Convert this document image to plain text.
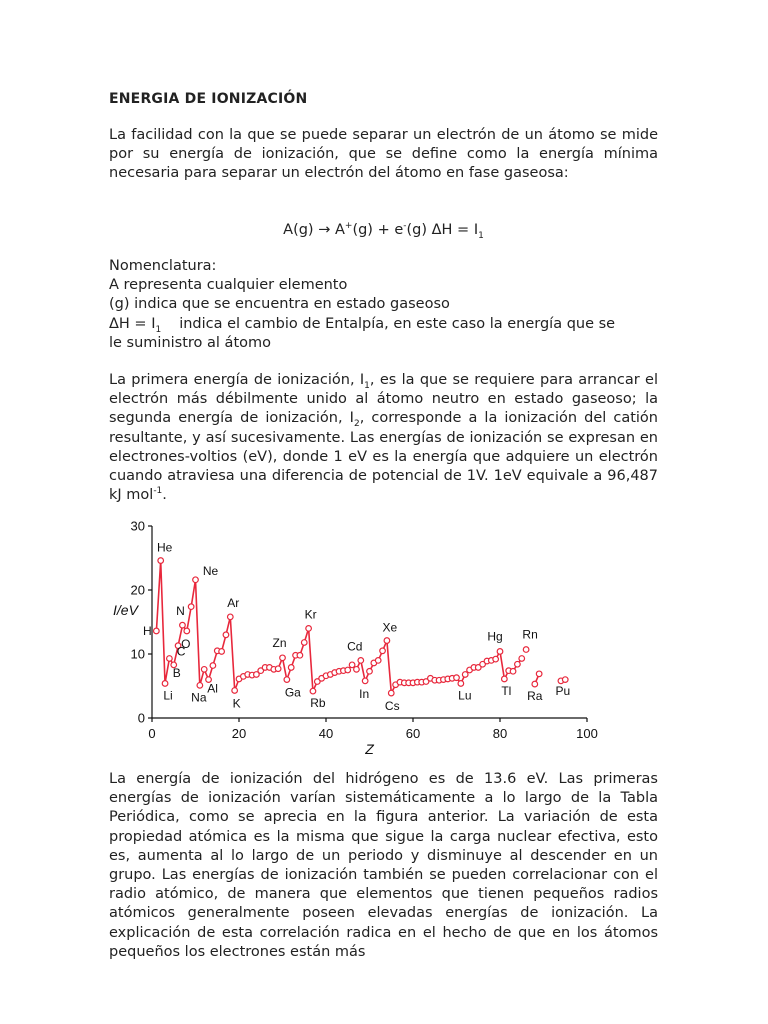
ENERGIA DE IONIZACIÓN

La facilidad con la que se puede separar un electrón de un átomo se mide por su energía de ionización, que se define como la energía mínima necesaria para separar un electrón del átomo en fase gaseosa:

A(g) → A+(g) + e-(g) $\Delta H = I_1$

Nomenclatura:
A representa cualquier elemento
(g) indica que se encuentra en estado gaseoso
$\Delta H = I_1$ indica el cambio de Entalpía, en este caso la energía que se
le suministro al átomo

La primera energía de ionización, $I_1$, es la que se requiere para arrancar el electrón más débilmente unido al átomo neutro en estado gaseoso; la segunda energía de ionización, $I_2$, corresponde a la ionización del catión resultante, y así sucesivamente. Las energías de ionización se expresan en electrones-voltios (eV), donde 1 eV es la energía que adquiere un electrón cuando atraviesa una diferencia de potencial de 1V. 1eV equivale a 96,487 kJ mol$^{-1}$.

0
10
20
30
0	20	40	60	80	100
I/eV
Z
H
He
Li
B
C
N
O
Ne
Na
Al
Ar
K
Zn
Ga
Kr
Rb
Cd
In
Xe
Cs
Lu
Hg
Tl
Rn
Ra Pu

La energía de ionización del hidrógeno es de 13.6 eV. Las primeras energías de ionización varían sistemáticamente a lo largo de la Tabla Periódica, como se aprecia en la figura anterior. La variación de esta propiedad atómica es la misma que sigue la carga nuclear efectiva, esto es, aumenta al lo largo de un periodo y disminuye al descender en un grupo. Las energías de ionización también se pueden correlacionar con el radio atómico, de manera que elementos que tienen pequeños radios atómicos generalmente poseen elevadas energías de ionización. La explicación de esta correlación radica en el hecho de que en los átomos pequeños los electrones están más
